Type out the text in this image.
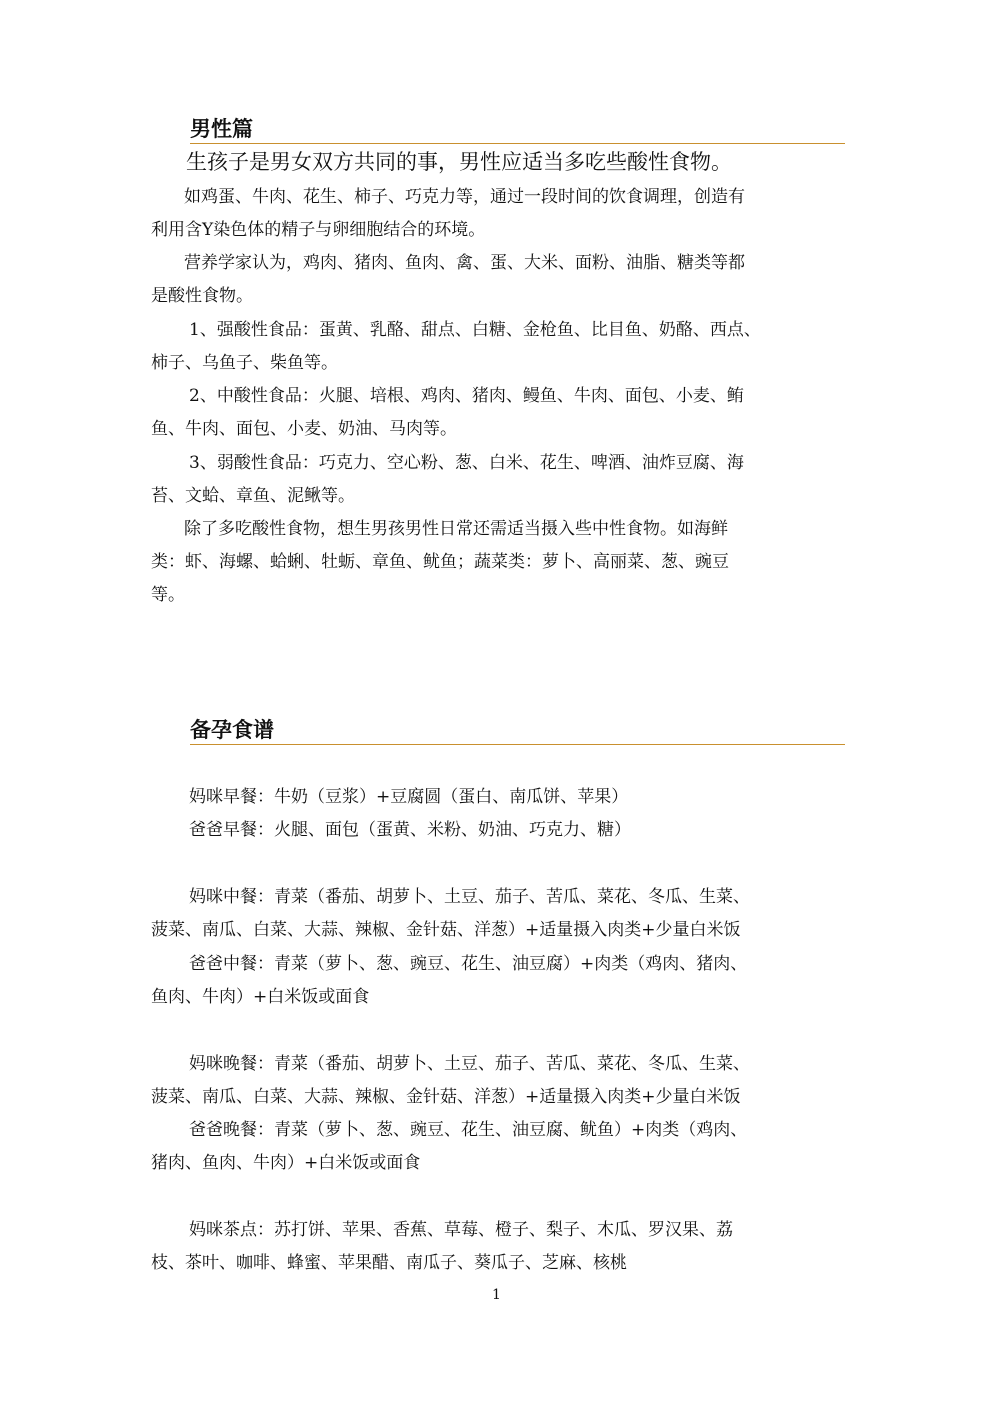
男性篇
生孩子是男女双方共同的事，男性应适当多吃些酸性食物。
如鸡蛋、牛肉、花生、柿子、巧克力等，通过一段时间的饮食调理，创造有
利用含Y染色体的精子与卵细胞结合的环境。
营养学家认为，鸡肉、猪肉、鱼肉、禽、蛋、大米、面粉、油脂、糖类等都
是酸性食物。
1、强酸性食品：蛋黄、乳酪、甜点、白糖、金枪鱼、比目鱼、奶酪、西点、
柿子、乌鱼子、柴鱼等。
2、中酸性食品：火腿、培根、鸡肉、猪肉、鳗鱼、牛肉、面包、小麦、鲔
鱼、牛肉、面包、小麦、奶油、马肉等。
3、弱酸性食品：巧克力、空心粉、葱、白米、花生、啤酒、油炸豆腐、海
苔、文蛤、章鱼、泥鳅等。
除了多吃酸性食物，想生男孩男性日常还需适当摄入些中性食物。如海鲜
类：虾、海螺、蛤蜊、牡蛎、章鱼、鱿鱼；蔬菜类：萝卜、高丽菜、葱、豌豆
等。
备孕食谱
妈咪早餐：牛奶（豆浆）+豆腐圆（蛋白、南瓜饼、苹果）
爸爸早餐：火腿、面包（蛋黄、米粉、奶油、巧克力、糖）
妈咪中餐：青菜（番茄、胡萝卜、土豆、茄子、苦瓜、菜花、冬瓜、生菜、
菠菜、南瓜、白菜、大蒜、辣椒、金针菇、洋葱）+适量摄入肉类+少量白米饭
爸爸中餐：青菜（萝卜、葱、豌豆、花生、油豆腐）+肉类（鸡肉、猪肉、
鱼肉、牛肉）+白米饭或面食
妈咪晚餐：青菜（番茄、胡萝卜、土豆、茄子、苦瓜、菜花、冬瓜、生菜、
菠菜、南瓜、白菜、大蒜、辣椒、金针菇、洋葱）+适量摄入肉类+少量白米饭
爸爸晚餐：青菜（萝卜、葱、豌豆、花生、油豆腐、鱿鱼）+肉类（鸡肉、
猪肉、鱼肉、牛肉）+白米饭或面食
妈咪茶点：苏打饼、苹果、香蕉、草莓、橙子、梨子、木瓜、罗汉果、荔
枝、茶叶、咖啡、蜂蜜、苹果醋、南瓜子、葵瓜子、芝麻、核桃
1
